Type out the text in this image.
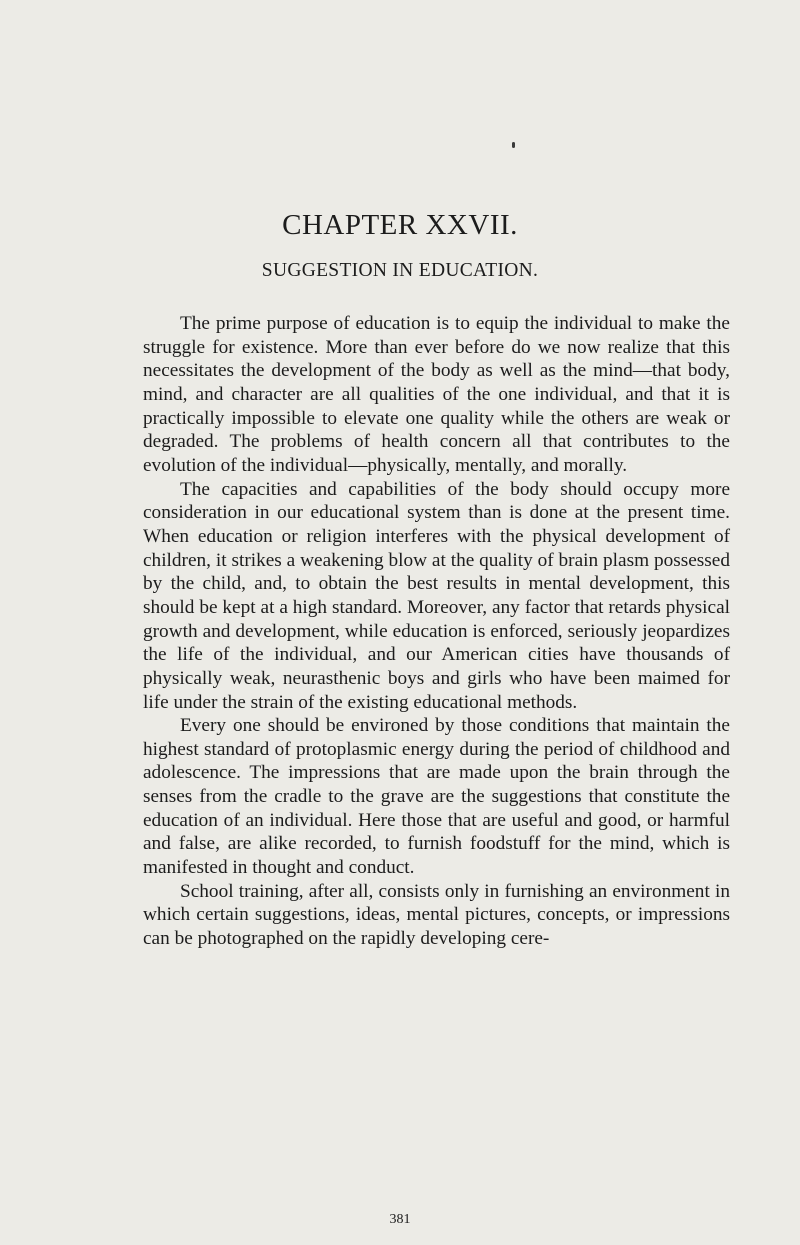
CHAPTER XXVII.
SUGGESTION IN EDUCATION.

The prime purpose of education is to equip the individual to make the struggle for existence. More than ever before do we now realize that this necessitates the development of the body as well as the mind—that body, mind, and character are all qualities of the one individual, and that it is practically impossible to elevate one quality while the others are weak or degraded. The problems of health concern all that contributes to the evolution of the individual—physically, mentally, and morally.

The capacities and capabilities of the body should occupy more consideration in our educational system than is done at the present time. When education or religion interferes with the physical development of children, it strikes a weakening blow at the quality of brain plasm possessed by the child, and, to obtain the best results in mental development, this should be kept at a high standard. Moreover, any factor that retards physical growth and development, while education is enforced, seriously jeopardizes the life of the individual, and our American cities have thousands of physically weak, neurasthenic boys and girls who have been maimed for life under the strain of the existing educational methods.

Every one should be environed by those conditions that maintain the highest standard of protoplasmic energy during the period of childhood and adolescence. The impressions that are made upon the brain through the senses from the cradle to the grave are the suggestions that constitute the education of an individual. Here those that are useful and good, or harmful and false, are alike recorded, to furnish foodstuff for the mind, which is manifested in thought and conduct.

School training, after all, consists only in furnishing an environment in which certain suggestions, ideas, mental pictures, concepts, or impressions can be photographed on the rapidly developing cere-

381
